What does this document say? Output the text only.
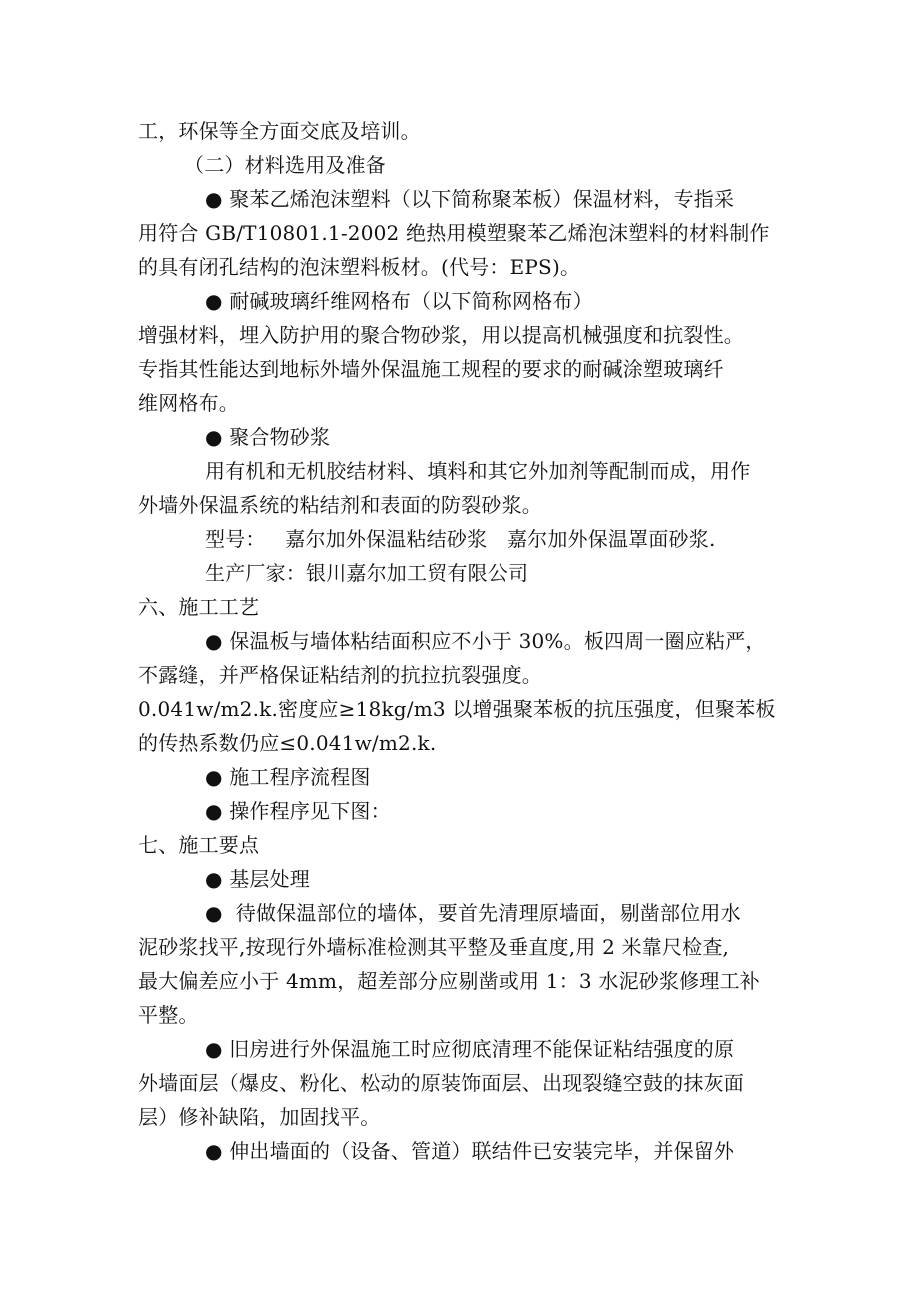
工，环保等全方面交底及培训。
（二）材料选用及准备
● 聚苯乙烯泡沫塑料（以下简称聚苯板）保温材料，专指采
用符合 GB/T10801.1-2002 绝热用模塑聚苯乙烯泡沫塑料的材料制作
的具有闭孔结构的泡沫塑料板材。(代号：EPS)。
● 耐碱玻璃纤维网格布（以下简称网格布）
增强材料，埋入防护用的聚合物砂浆，用以提高机械强度和抗裂性。
专指其性能达到地标外墙外保温施工规程的要求的耐碱涂塑玻璃纤
维网格布。
● 聚合物砂浆
用有机和无机胶结材料、填料和其它外加剂等配制而成，用作
外墙外保温系统的粘结剂和表面的防裂砂浆。
型号：   嘉尔加外保温粘结砂浆   嘉尔加外保温罩面砂浆.
生产厂家：银川嘉尔加工贸有限公司
六、施工工艺
● 保温板与墙体粘结面积应不小于 30%。板四周一圈应粘严，
不露缝，并严格保证粘结剂的抗拉抗裂强度。
0.041w/m2.k.密度应≥18kg/m3 以增强聚苯板的抗压强度，但聚苯板
的传热系数仍应≤0.041w/m2.k.
● 施工程序流程图
● 操作程序见下图：
七、施工要点
● 基层处理
●  待做保温部位的墙体，要首先清理原墙面，剔凿部位用水
泥砂浆找平,按现行外墙标准检测其平整及垂直度,用 2 米靠尺检查,
最大偏差应小于 4mm，超差部分应剔凿或用 1：3 水泥砂浆修理工补
平整。
● 旧房进行外保温施工时应彻底清理不能保证粘结强度的原
外墙面层（爆皮、粉化、松动的原装饰面层、出现裂缝空鼓的抹灰面
层）修补缺陷，加固找平。
● 伸出墙面的（设备、管道）联结件已安装完毕，并保留外
